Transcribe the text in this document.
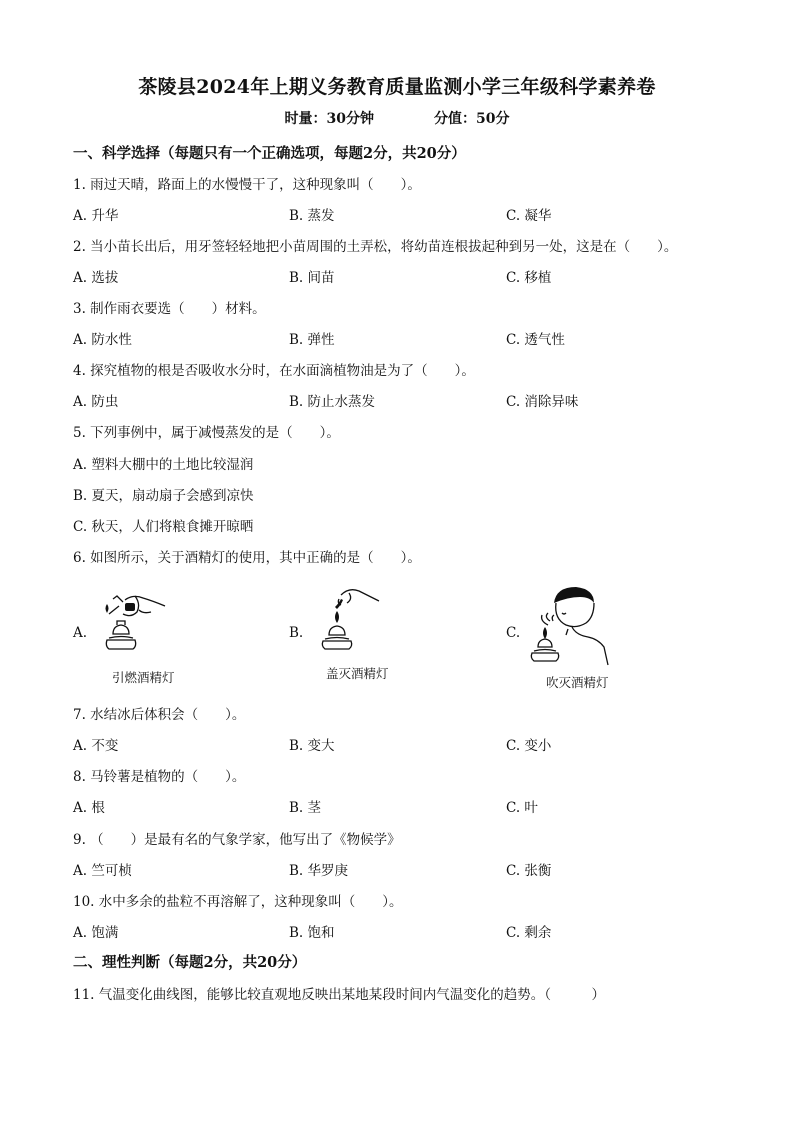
茶陵县2024年上期义务教育质量监测小学三年级科学素养卷
时量：30分钟	分值：50分
一、科学选择（每题只有一个正确选项，每题2分，共20分）
1. 雨过天晴，路面上的水慢慢干了，这种现象叫（　　）。
A. 升华	B. 蒸发	C. 凝华
2. 当小苗长出后，用牙签轻轻地把小苗周围的土弄松，将幼苗连根拔起种到另一处，这是在（　　）。
A. 选拔	B. 间苗	C. 移植
3. 制作雨衣要选（　　）材料。
A. 防水性	B. 弹性	C. 透气性
4. 探究植物的根是否吸收水分时，在水面滴植物油是为了（　　）。
A. 防虫	B. 防止水蒸发	C. 消除异味
5. 下列事例中，属于减慢蒸发的是（　　）。
A. 塑料大棚中的土地比较湿润
B. 夏天，扇动扇子会感到凉快
C. 秋天，人们将粮食摊开晾晒
6. 如图所示，关于酒精灯的使用，其中正确的是（　　）。
A.	B.	C.
引燃酒精灯	盖灭酒精灯
吹灭酒精灯
7. 水结冰后体积会（　　）。
A. 不变	B. 变大	C. 变小
8. 马铃薯是植物的（　　）。
A. 根	B. 茎	C. 叶
9. （　　）是最有名的气象学家，他写出了《物候学》
A. 竺可桢	B. 华罗庚	C. 张衡
10. 水中多余的盐粒不再溶解了，这种现象叫（　　）。
A. 饱满	B. 饱和	C. 剩余
二、理性判断（每题2分，共20分）
11. 气温变化曲线图，能够比较直观地反映出某地某段时间内气温变化的趋势。（　　　）
